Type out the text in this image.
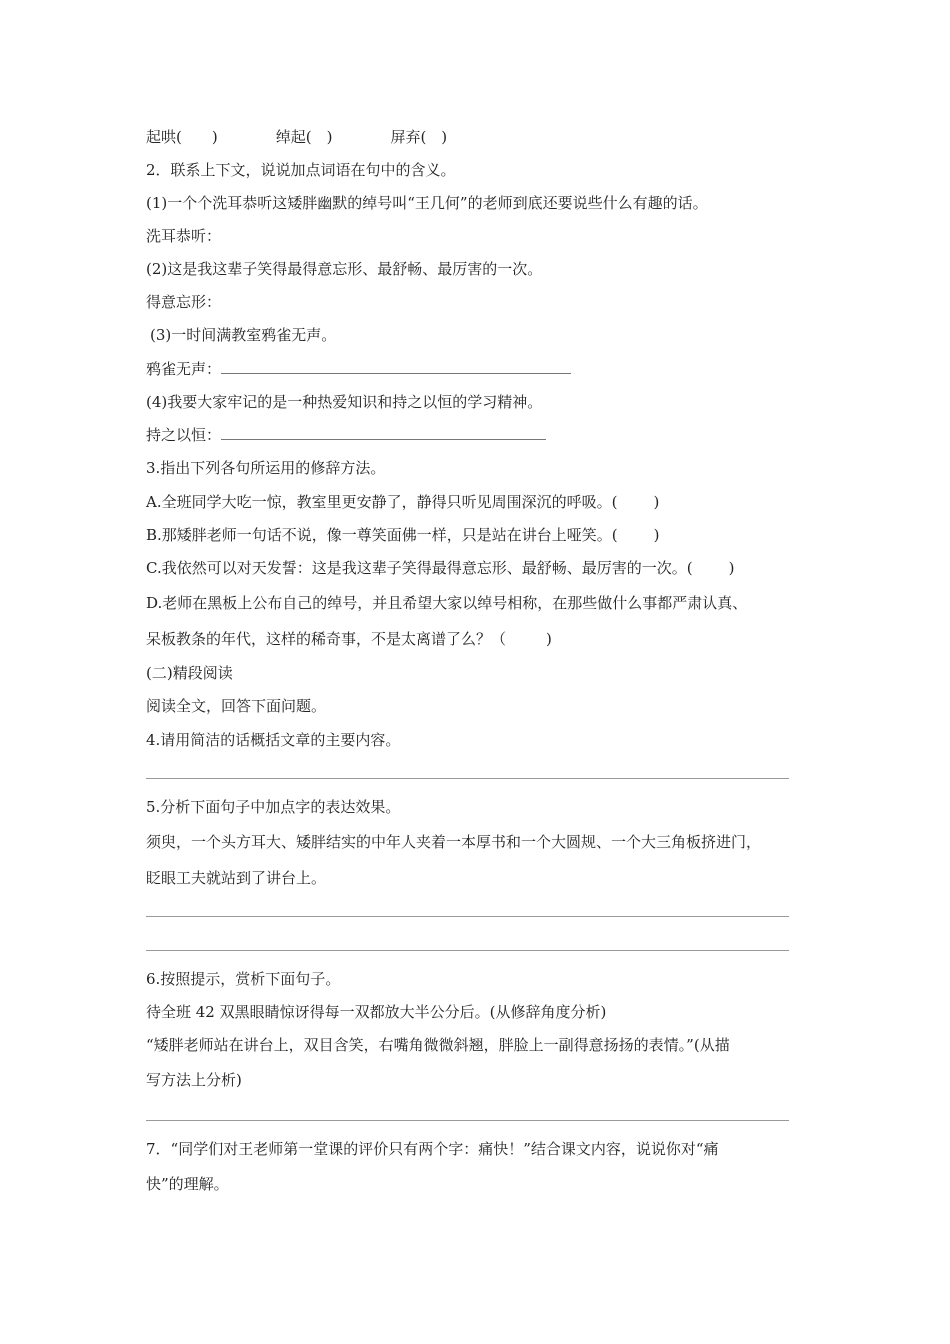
起哄(　　)	绰起(　)	屏弃(　)
2．联系上下文，说说加点词语在句中的含义。
(1)一个个洗耳恭听这矮胖幽默的绰号叫“王几何”的老师到底还要说些什么有趣的话。
洗耳恭听：
(2)这是我这辈子笑得最得意忘形、最舒畅、最厉害的一次。
得意忘形：
(3)一时间满教室鸦雀无声。
鸦雀无声：
(4)我要大家牢记的是一种热爱知识和持之以恒的学习精神。
持之以恒：
3.指出下列各句所运用的修辞方法。
A.全班同学大吃一惊，教室里更安静了，静得只听见周围深沉的呼吸。( )
B.那矮胖老师一句话不说，像一尊笑面佛一样，只是站在讲台上哑笑。( )
C.我依然可以对天发誓：这是我这辈子笑得最得意忘形、最舒畅、最厉害的一次。( )
D.老师在黑板上公布自己的绰号，并且希望大家以绰号相称，在那些做什么事都严肃认真、
呆板教条的年代，这样的稀奇事，不是太离谱了么？（	)
(二)精段阅读
阅读全文，回答下面问题。
4.请用简洁的话概括文章的主要内容。
5.分析下面句子中加点字的表达效果。
须臾，一个头方耳大、矮胖结实的中年人夹着一本厚书和一个大圆规、一个大三角板挤进门，
眨眼工夫就站到了讲台上。
6.按照提示，赏析下面句子。
待全班 42 双黑眼睛惊讶得每一双都放大半公分后。(从修辞角度分析)
“矮胖老师站在讲台上，双目含笑，右嘴角微微斜翘，胖脸上一副得意扬扬的表情。”(从描
写方法上分析)
7．“同学们对王老师第一堂课的评价只有两个字：痛快！”结合课文内容，说说你对“痛
快”的理解。
